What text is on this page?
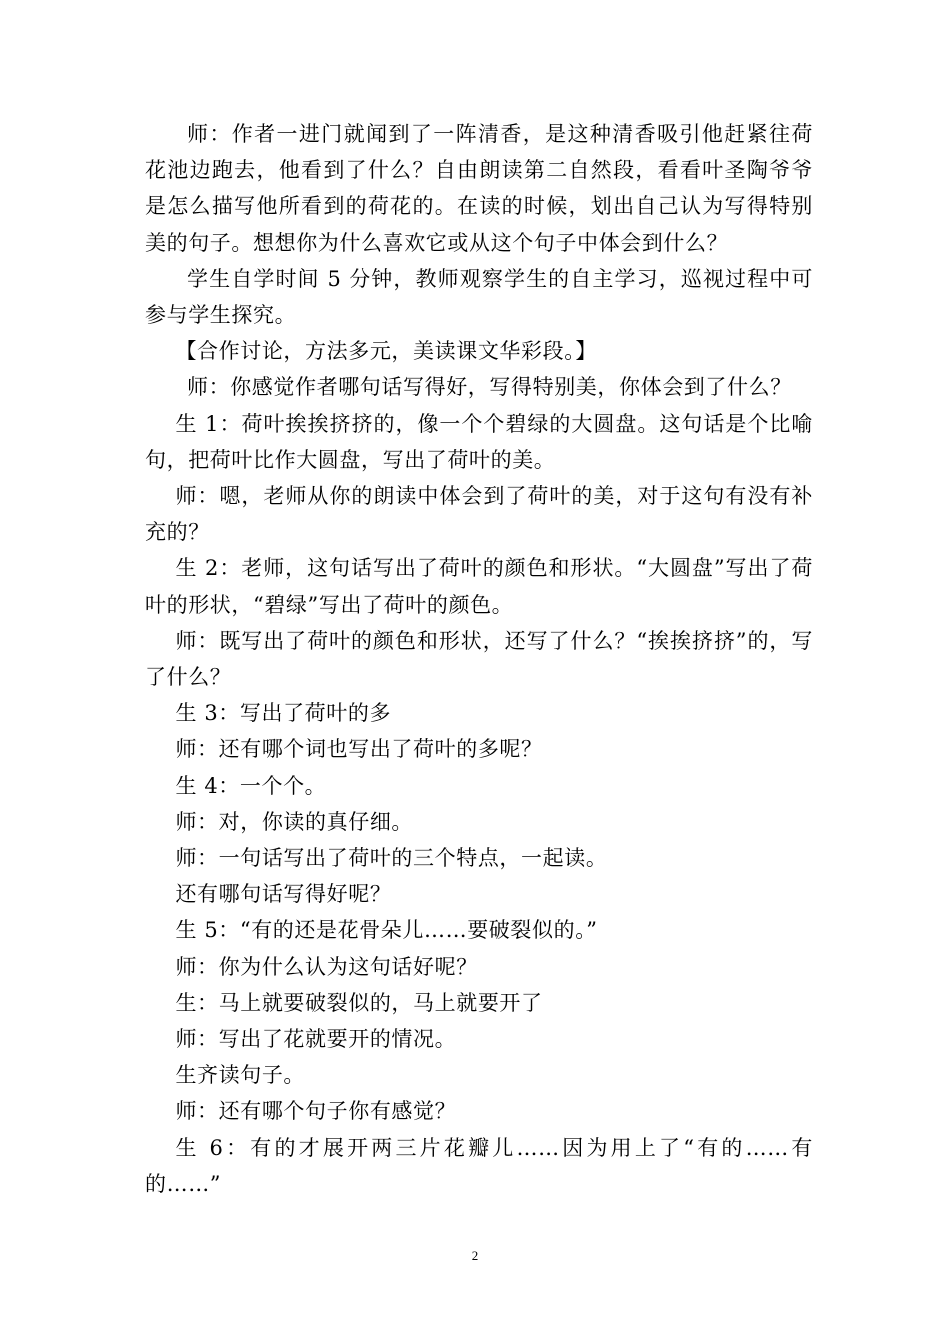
师：作者一进门就闻到了一阵清香，是这种清香吸引他赶紧往荷花池边跑去，他看到了什么？自由朗读第二自然段，看看叶圣陶爷爷是怎么描写他所看到的荷花的。在读的时候，划出自己认为写得特别美的句子。想想你为什么喜欢它或从这个句子中体会到什么？

学生自学时间 5 分钟，教师观察学生的自主学习，巡视过程中可参与学生探究。

【合作讨论，方法多元，美读课文华彩段。】

师：你感觉作者哪句话写得好，写得特别美，你体会到了什么？

生 1：荷叶挨挨挤挤的，像一个个碧绿的大圆盘。这句话是个比喻句，把荷叶比作大圆盘，写出了荷叶的美。

师：嗯，老师从你的朗读中体会到了荷叶的美，对于这句有没有补充的？

生 2：老师，这句话写出了荷叶的颜色和形状。“大圆盘”写出了荷叶的形状，“碧绿”写出了荷叶的颜色。

师：既写出了荷叶的颜色和形状，还写了什么？“挨挨挤挤”的，写了什么？

生 3：写出了荷叶的多

师：还有哪个词也写出了荷叶的多呢？

生 4：一个个。

师：对，你读的真仔细。

师：一句话写出了荷叶的三个特点，一起读。

还有哪句话写得好呢？

生 5：“有的还是花骨朵儿……要破裂似的。”

师：你为什么认为这句话好呢？

生：马上就要破裂似的，马上就要开了

师：写出了花就要开的情况。

生齐读句子。

师：还有哪个句子你有感觉？

生 6：有的才展开两三片花瓣儿……因为用上了“有的……有的……”

2
